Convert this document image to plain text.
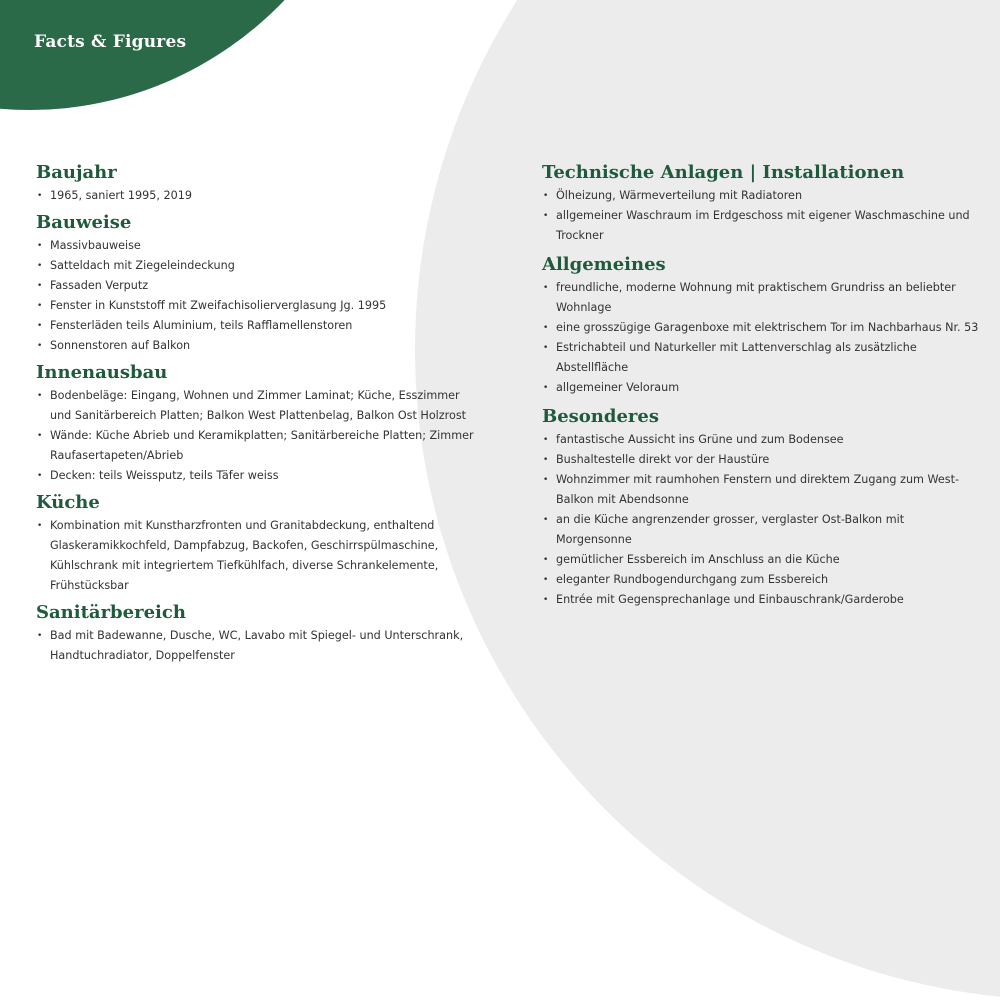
Facts & Figures
Baujahr
• 1965, saniert 1995, 2019
Bauweise
• Massivbauweise
• Satteldach mit Ziegeleindeckung
• Fassaden Verputz
• Fenster in Kunststoff mit Zweifachisolierverglasung Jg. 1995
• Fensterläden teils Aluminium, teils Rafflamellenstoren
• Sonnenstoren auf Balkon
Innenausbau
• Bodenbeläge: Eingang, Wohnen und Zimmer Laminat; Küche, Esszimmer und Sanitärbereich Platten; Balkon West Plattenbelag, Balkon Ost Holzrost
• Wände: Küche Abrieb und Keramikplatten; Sanitärbereiche Platten; Zimmer Raufasertapeten/Abrieb
• Decken: teils Weissputz, teils Täfer weiss
Küche
• Kombination mit Kunstharzfronten und Granitabdeckung, enthaltend Glaskeramikkochfeld, Dampfabzug, Backofen, Geschirrspülmaschine, Kühlschrank mit integriertem Tiefkühlfach, diverse Schrankelemente, Frühstücksbar
Sanitärbereich
• Bad mit Badewanne, Dusche, WC, Lavabo mit Spiegel- und Unterschrank, Handtuchradiator, Doppelfenster
Technische Anlagen | Installationen
• Ölheizung, Wärmeverteilung mit Radiatoren
• allgemeiner Waschraum im Erdgeschoss mit eigener Waschmaschine und Trockner
Allgemeines
• freundliche, moderne Wohnung mit praktischem Grundriss an beliebter Wohnlage
• eine grosszügige Garagenboxe mit elektrischem Tor im Nachbarhaus Nr. 53
• Estrichabteil und Naturkeller mit Lattenverschlag als zusätzliche Abstellfläche
• allgemeiner Veloraum
Besonderes
• fantastische Aussicht ins Grüne und zum Bodensee
• Bushaltestelle direkt vor der Haustüre
• Wohnzimmer mit raumhohen Fenstern und direktem Zugang zum West-Balkon mit Abendsonne
• an die Küche angrenzender grosser, verglaster Ost-Balkon mit Morgensonne
• gemütlicher Essbereich im Anschluss an die Küche
• eleganter Rundbogendurchgang zum Essbereich
• Entrée mit Gegensprechanlage und Einbauschrank/Garderobe
